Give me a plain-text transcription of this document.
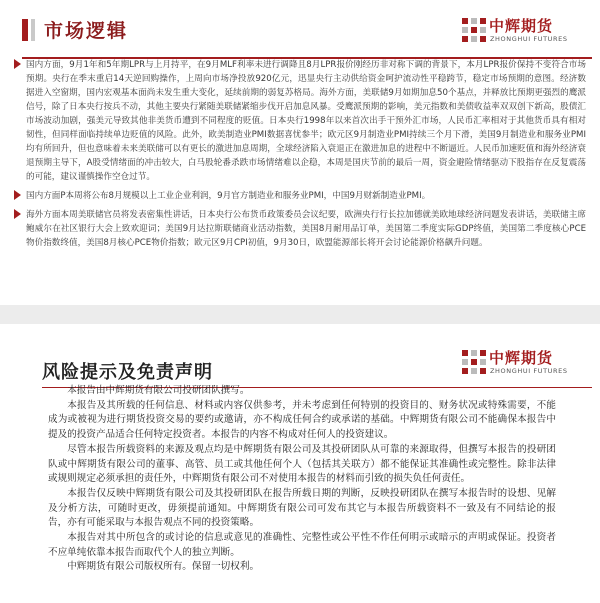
市场逻辑	中辉期货
ZHONGHUI FUTURES
国内方面，9月1年和5年期LPR与上月持平，在9月MLF利率未进行调降且8月LPR报价刚经历非对称下调的背景下，本月LPR报价保持不变符合市场预期。央行在季末重启14天逆回购操作，上周向市场净投放920亿元，迅显央行主动供给资金呵护流动性平稳跨节，稳定市场预期的意图。经济数据进入空窗期，国内宏观基本面尚未发生重大变化，延续前期的弱复苏格局。海外方面，美联储9月如期加息50个基点，并释放比预期更强烈的鹰派信号，除了日本央行按兵不动，其他主要央行紧随美联储紧缩步伐开启加息风暴。受鹰派预期的影响，美元指数和美债收益率双双创下新高，股债汇市场波动加剧，强美元导致其他非美货币遭到不同程度的贬值。日本央行1998年以来首次出手干预外汇市场，人民币汇率相对于其他货币具有相对韧性，但同样面临持续单边贬值的风险。此外，欧美制造业PMI数据喜忧参半；欧元区9月制造业PMI持续三个月下滑，美国9月制造业和服务业PMI均有所回升，但也意味着未来美联储可以有更长的激进加息周期，全球经济陷入衰退正在激进加息的进程中不断逼近。人民币加速贬值和海外经济衰退预期主导下，A股受情绪面的冲击较大，白马股轮番杀跌市场情绪难以企稳，本周是国庆节前的最后一周，资金避险情绪驱动下股指存在反复震荡的可能，建议谨慎操作空仓过节。
国内方面P本周将公布8月规模以上工业企业利润，9月官方制造业和服务业PMI，中国9月财新制造业PMI。
海外方面本周美联储官员将发表密集性讲话，日本央行公布货币政策委员会议纪要，欧洲央行行长拉加德就美欧地球经济问题发表讲话，美联储主席鲍威尔在社区银行大会上致欢迎词；美国9月达拉斯联储商业活动指数，美国8月耐用品订单，美国第二季度实际GDP终值，美国第二季度核心PCE物价指数终值，美国8月核心PCE物价指数；欧元区9月CPI初值，9月30日，欧盟能源部长将开会讨论能源价格飙升问题。
风险提示及免责声明
中辉期货
ZHONGHUI FUTURES

本报告由中辉期货有限公司投研团队撰写。

本报告及其所载的任何信息、材料或内容仅供参考，并未考虑到任何特别的投资目的、财务状况或特殊需要，不能成为或被视为进行期货投资交易的要约或邀请，亦不构成任何合约或承诺的基础。中辉期货有限公司不能确保本报告中提及的投资产品适合任何特定投资者。本报告的内容不构成对任何人的投资建议。

尽管本报告所载资料的来源及观点均是中辉期货有限公司及其投研团队从可靠的来源取得，但撰写本报告的投研团队或中辉期货有限公司的董事、高管、员工或其他任何个人（包括其关联方）都不能保证其准确性或完整性。除非法律或规则规定必须承担的责任外，中辉期货有限公司不对使用本报告的材料而引致的损失负任何责任。

本报告仅反映中辉期货有限公司及其投研团队在报告所载日期的判断，反映投研团队在撰写本报告时的设想、见解及分析方法，可随时更改，毋须提前通知。中辉期货有限公司可发布其它与本报告所载资料不一致及有不同结论的报告，亦有可能采取与本报告观点不同的投资策略。

本报告对其中所包含的或讨论的信息或意见的准确性、完整性或公平性不作任何明示或暗示的声明或保证。投资者不应单纯依靠本报告而取代个人的独立判断。

中辉期货有限公司版权所有。保留一切权利。
